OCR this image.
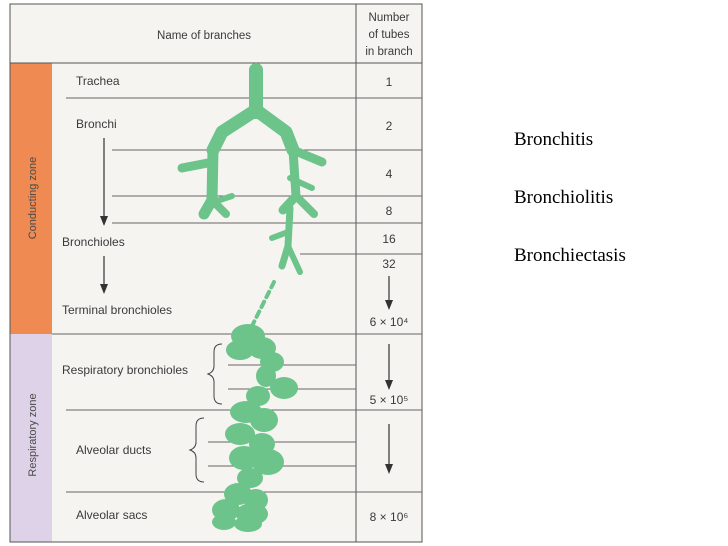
Conducting zone
Respiratory zone
Name of branches
Number
of tubes
in branch
Trachea
Bronchi
Bronchioles
Terminal bronchioles
Respiratory bronchioles
Alveolar ducts
Alveolar sacs
1
2
4
8
16
32
6 × 10⁴
5 × 10⁵
8 × 10⁶
Bronchitis
Bronchiolitis
Bronchiectasis
